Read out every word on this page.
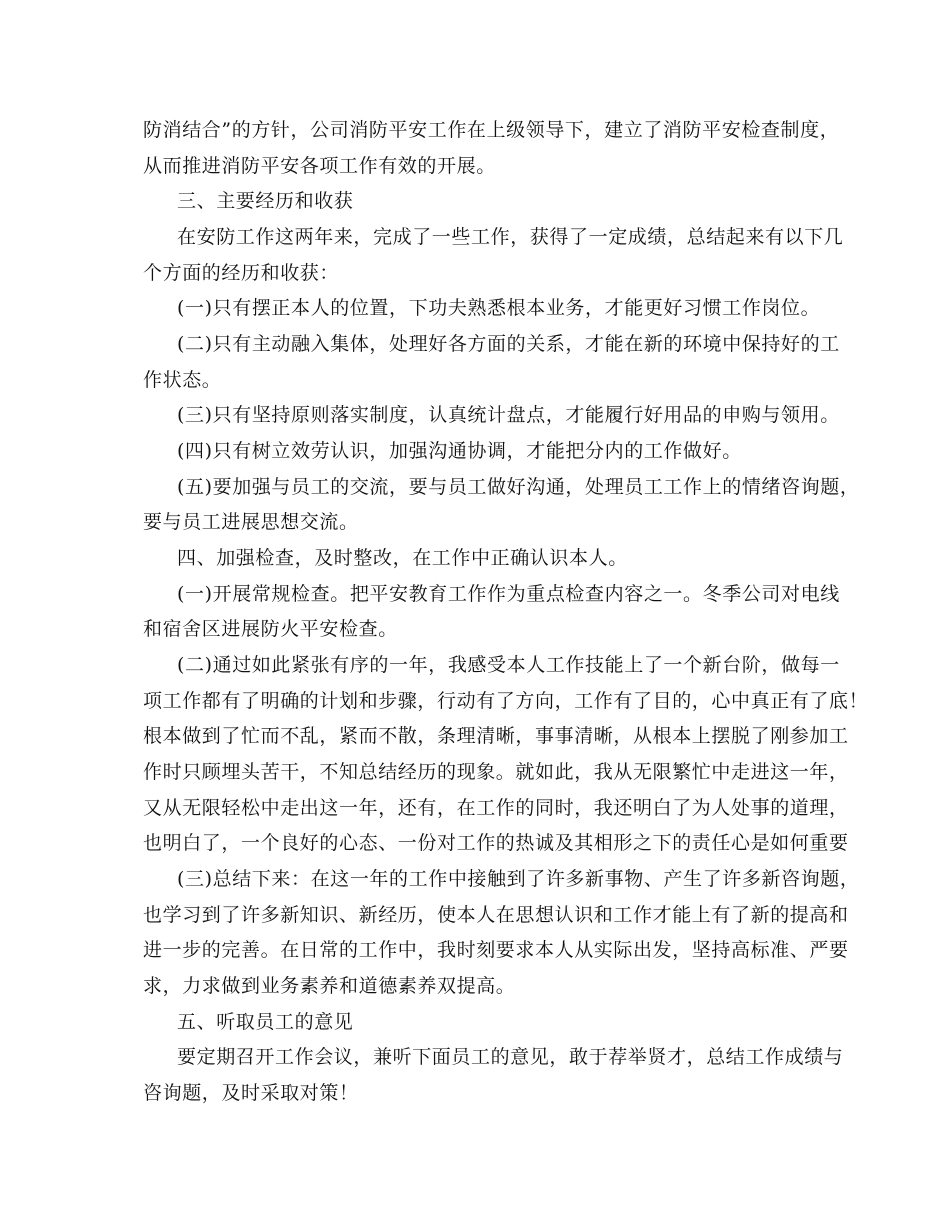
防消结合”的方针，公司消防平安工作在上级领导下，建立了消防平安检查制度，
从而推进消防平安各项工作有效的开展。
三、主要经历和收获
在安防工作这两年来，完成了一些工作，获得了一定成绩，总结起来有以下几
个方面的经历和收获：
(一)只有摆正本人的位置，下功夫熟悉根本业务，才能更好习惯工作岗位。
(二)只有主动融入集体，处理好各方面的关系，才能在新的环境中保持好的工
作状态。
(三)只有坚持原则落实制度，认真统计盘点，才能履行好用品的申购与领用。
(四)只有树立效劳认识，加强沟通协调，才能把分内的工作做好。
(五)要加强与员工的交流，要与员工做好沟通，处理员工工作上的情绪咨询题，
要与员工进展思想交流。
四、加强检查，及时整改，在工作中正确认识本人。
(一)开展常规检查。把平安教育工作作为重点检查内容之一。冬季公司对电线
和宿舍区进展防火平安检查。
(二)通过如此紧张有序的一年，我感受本人工作技能上了一个新台阶，做每一
项工作都有了明确的计划和步骤，行动有了方向，工作有了目的，心中真正有了底！
根本做到了忙而不乱，紧而不散，条理清晰，事事清晰，从根本上摆脱了刚参加工
作时只顾埋头苦干，不知总结经历的现象。就如此，我从无限繁忙中走进这一年，
又从无限轻松中走出这一年，还有，在工作的同时，我还明白了为人处事的道理，
也明白了，一个良好的心态、一份对工作的热诚及其相形之下的责任心是如何重要
(三)总结下来：在这一年的工作中接触到了许多新事物、产生了许多新咨询题，
也学习到了许多新知识、新经历，使本人在思想认识和工作才能上有了新的提高和
进一步的完善。在日常的工作中，我时刻要求本人从实际出发，坚持高标准、严要
求，力求做到业务素养和道德素养双提高。
五、听取员工的意见
要定期召开工作会议，兼听下面员工的意见，敢于荐举贤才，总结工作成绩与
咨询题，及时采取对策！
